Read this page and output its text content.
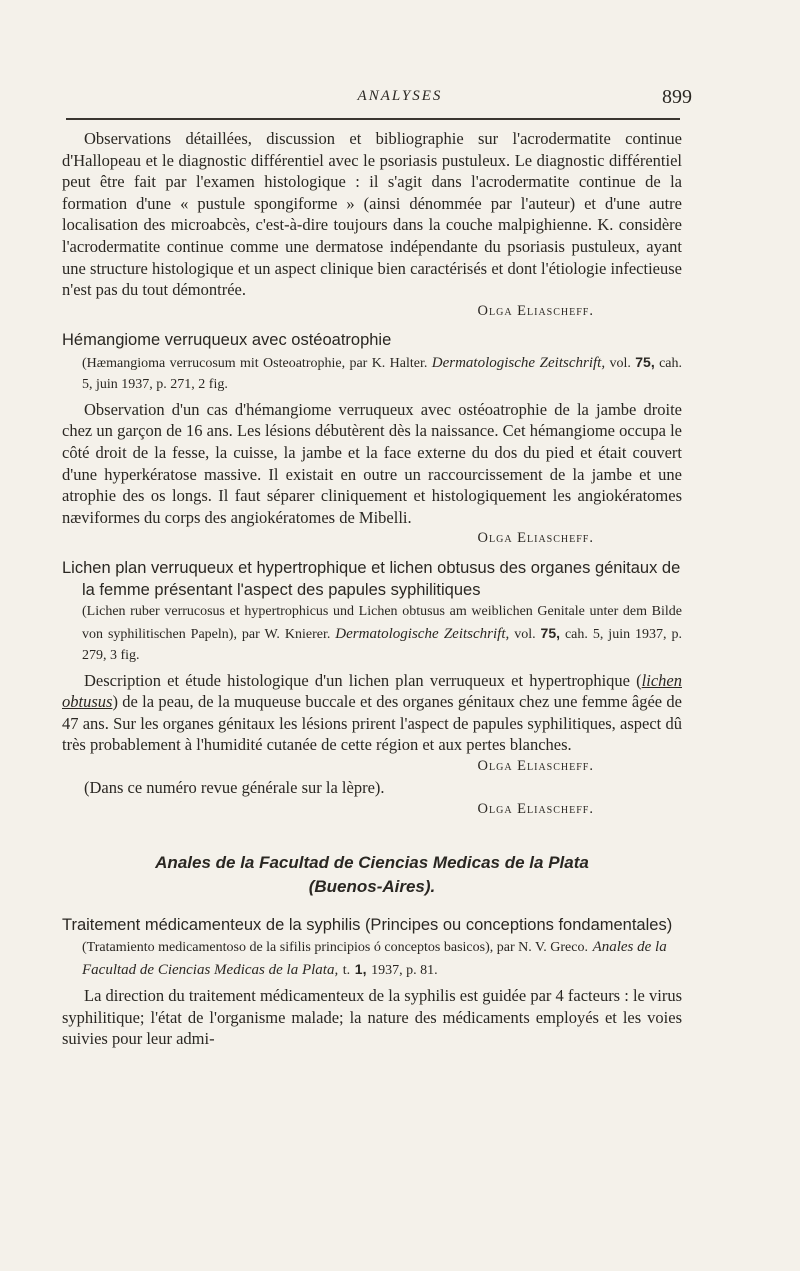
ANALYSES	899

Observations détaillées, discussion et bibliographie sur l'acrodermatite continue d'Hallopeau et le diagnostic différentiel avec le psoriasis pustuleux. Le diagnostic différentiel peut être fait par l'examen histologique : il s'agit dans l'acrodermatite continue de la formation d'une « pustule spongiforme » (ainsi dénommée par l'auteur) et d'une autre localisation des microabcès, c'est-à-dire toujours dans la couche malpighienne. K. considère l'acrodermatite continue comme une dermatose indépendante du psoriasis pustuleux, ayant une structure histologique et un aspect clinique bien caractérisés et dont l'étiologie infectieuse n'est pas du tout démontrée.

Olga Eliascheff.

Hémangiome verruqueux avec ostéoatrophie

(Hæmangioma verrucosum mit Osteoatrophie, par K. Halter. Dermatologische Zeitschrift, vol. 75, cah. 5, juin 1937, p. 271, 2 fig.

Observation d'un cas d'hémangiome verruqueux avec ostéoatrophie de la jambe droite chez un garçon de 16 ans. Les lésions débutèrent dès la naissance. Cet hémangiome occupa le côté droit de la fesse, la cuisse, la jambe et la face externe du dos du pied et était couvert d'une hyperkératose massive. Il existait en outre un raccourcissement de la jambe et une atrophie des os longs. Il faut séparer cliniquement et histologiquement les angiokératomes næviformes du corps des angiokératomes de Mibelli.

Olga Eliascheff.

Lichen plan verruqueux et hypertrophique et lichen obtusus des organes génitaux de la femme présentant l'aspect des papules syphilitiques

(Lichen ruber verrucosus et hypertrophicus und Lichen obtusus am weiblichen Genitale unter dem Bilde von syphilitischen Papeln), par W. Knierer. Dermatologische Zeitschrift, vol. 75, cah. 5, juin 1937, p. 279, 3 fig.

Description et étude histologique d'un lichen plan verruqueux et hypertrophique (lichen obtusus) de la peau, de la muqueuse buccale et des organes génitaux chez une femme âgée de 47 ans. Sur les organes génitaux les lésions prirent l'aspect de papules syphilitiques, aspect dû très probablement à l'humidité cutanée de cette région et aux pertes blanches.

Olga Eliascheff.

(Dans ce numéro revue générale sur la lèpre).

Olga Eliascheff.

Anales de la Facultad de Ciencias Medicas de la Plata
(Buenos-Aires).

Traitement médicamenteux de la syphilis (Principes ou conceptions fondamentales) (Tratamiento medicamentoso de la sifilis principios ó conceptos basicos), par N. V. Greco. Anales de la Facultad de Ciencias Medicas de la Plata, t. 1, 1937, p. 81.

La direction du traitement médicamenteux de la syphilis est guidée par 4 facteurs : le virus syphilitique; l'état de l'organisme malade; la nature des médicaments employés et les voies suivies pour leur admi-
